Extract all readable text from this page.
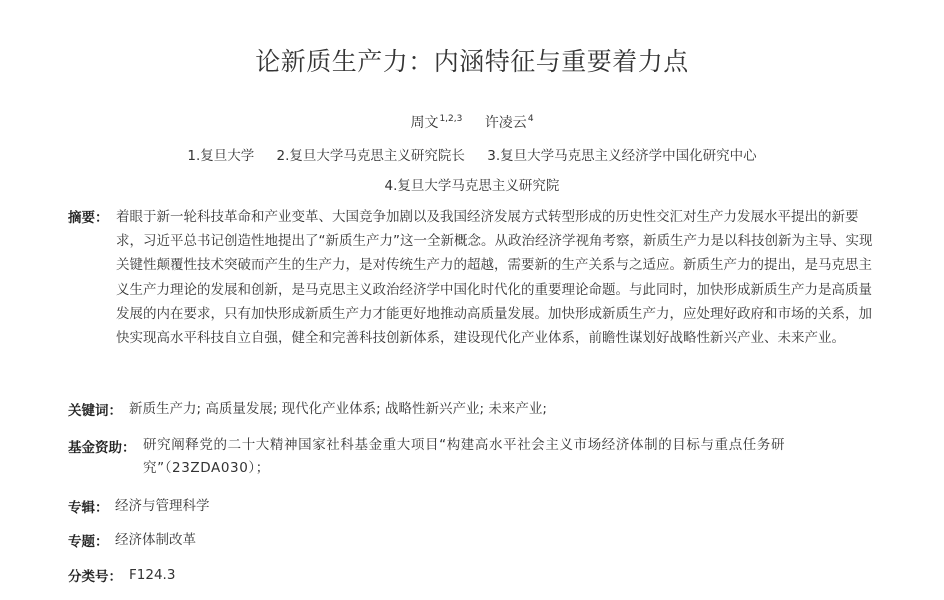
论新质生产力：内涵特征与重要着力点
周文$^{1,2,3}$ 许凌云$^4$
1.复旦大学 2.复旦大学马克思主义研究院长 3.复旦大学马克思主义经济学中国化研究中心
4.复旦大学马克思主义研究院
摘要： 着眼于新一轮科技革命和产业变革、大国竞争加剧以及我国经济发展方式转型形成的历史性交汇对生产力发展水平提出的新要求，习近平总书记创造性地提出了“新质生产力”这一全新概念。从政治经济学视角考察，新质生产力是以科技创新为主导、实现关键性颠覆性技术突破而产生的生产力，是对传统生产力的超越，需要新的生产关系与之适应。新质生产力的提出，是马克思主义生产力理论的发展和创新，是马克思主义政治经济学中国化时代化的重要理论命题。与此同时，加快形成新质生产力是高质量发展的内在要求，只有加快形成新质生产力才能更好地推动高质量发展。加快形成新质生产力，应处理好政府和市场的关系，加快实现高水平科技自立自强，健全和完善科技创新体系，建设现代化产业体系，前瞻性谋划好战略性新兴产业、未来产业。
关键词： 新质生产力; 高质量发展; 现代化产业体系; 战略性新兴产业; 未来产业;
基金资助： 研究阐释党的二十大精神国家社科基金重大项目“构建高水平社会主义市场经济体制的目标与重点任务研究”（23ZDA030）；
专辑： 经济与管理科学
专题： 经济体制改革
分类号： F124.3
